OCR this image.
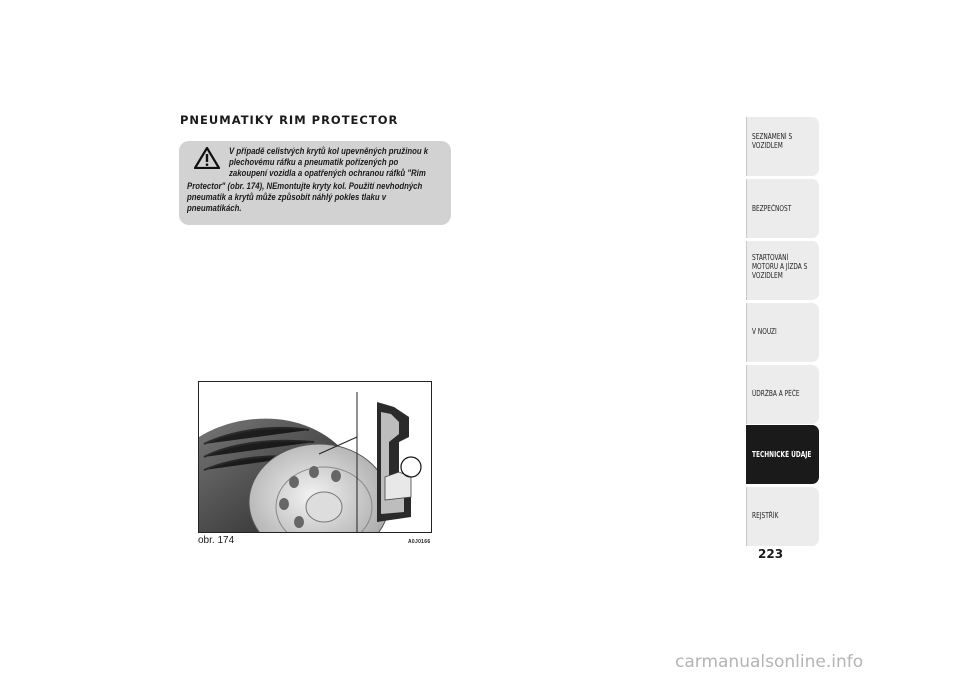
PNEUMATIKY RIM PROTECTOR
V případě celistvých krytů kol upevněných pružinou k
plechovému ráfku a pneumatik pořízených po
zakoupení vozidla a opatřených ochranou ráfků "Rim
Protector" (obr. 174), NEmontujte kryty kol. Použití nevhodných
pneumatik a krytů může způsobit náhlý pokles tlaku v
pneumatikách.
obr. 174	A0J0166
SEZNÁMENÍ S
VOZIDLEM
BEZPEČNOST
STARTOVÁNÍ
MOTORU A JÍZDA S
VOZIDLEM
V NOUZI
ÚDRŽBA A PÉČE
TECHNICKÉ ÚDAJE
REJSTŘÍK
223
carmanualsonline.info
